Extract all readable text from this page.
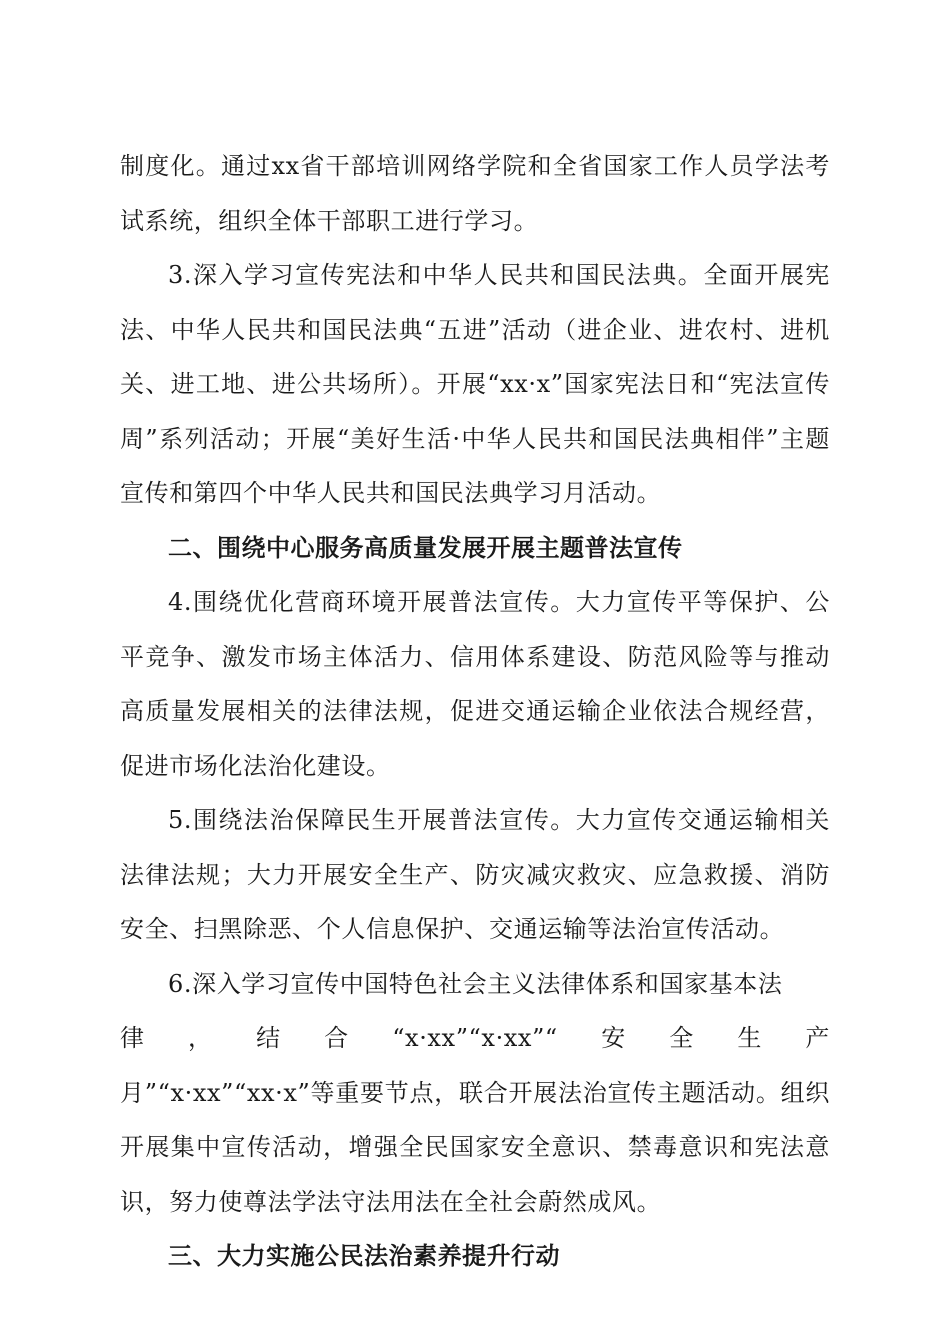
制度化。通过xx省干部培训网络学院和全省国家工作人员学法考试系统，组织全体干部职工进行学习。

3.深入学习宣传宪法和中华人民共和国民法典。全面开展宪法、中华人民共和国民法典“五进”活动（进企业、进农村、进机关、进工地、进公共场所）。开展“xx·x”国家宪法日和“宪法宣传周”系列活动；开展“美好生活·中华人民共和国民法典相伴”主题宣传和第四个中华人民共和国民法典学习月活动。

二、围绕中心服务高质量发展开展主题普法宣传

4.围绕优化营商环境开展普法宣传。大力宣传平等保护、公平竞争、激发市场主体活力、信用体系建设、防范风险等与推动高质量发展相关的法律法规，促进交通运输企业依法合规经营，促进市场化法治化建设。

5.围绕法治保障民生开展普法宣传。大力宣传交通运输相关法律法规；大力开展安全生产、防灾减灾救灾、应急救援、消防安全、扫黑除恶、个人信息保护、交通运输等法治宣传活动。

6.深入学习宣传中国特色社会主义法律体系和国家基本法

律，结合“x·xx”“x·xx”“安全生产

月”“x·xx”“xx·x”等重要节点，联合开展法治宣传主题活动。组织开展集中宣传活动，增强全民国家安全意识、禁毒意识和宪法意识，努力使尊法学法守法用法在全社会蔚然成风。

三、大力实施公民法治素养提升行动
